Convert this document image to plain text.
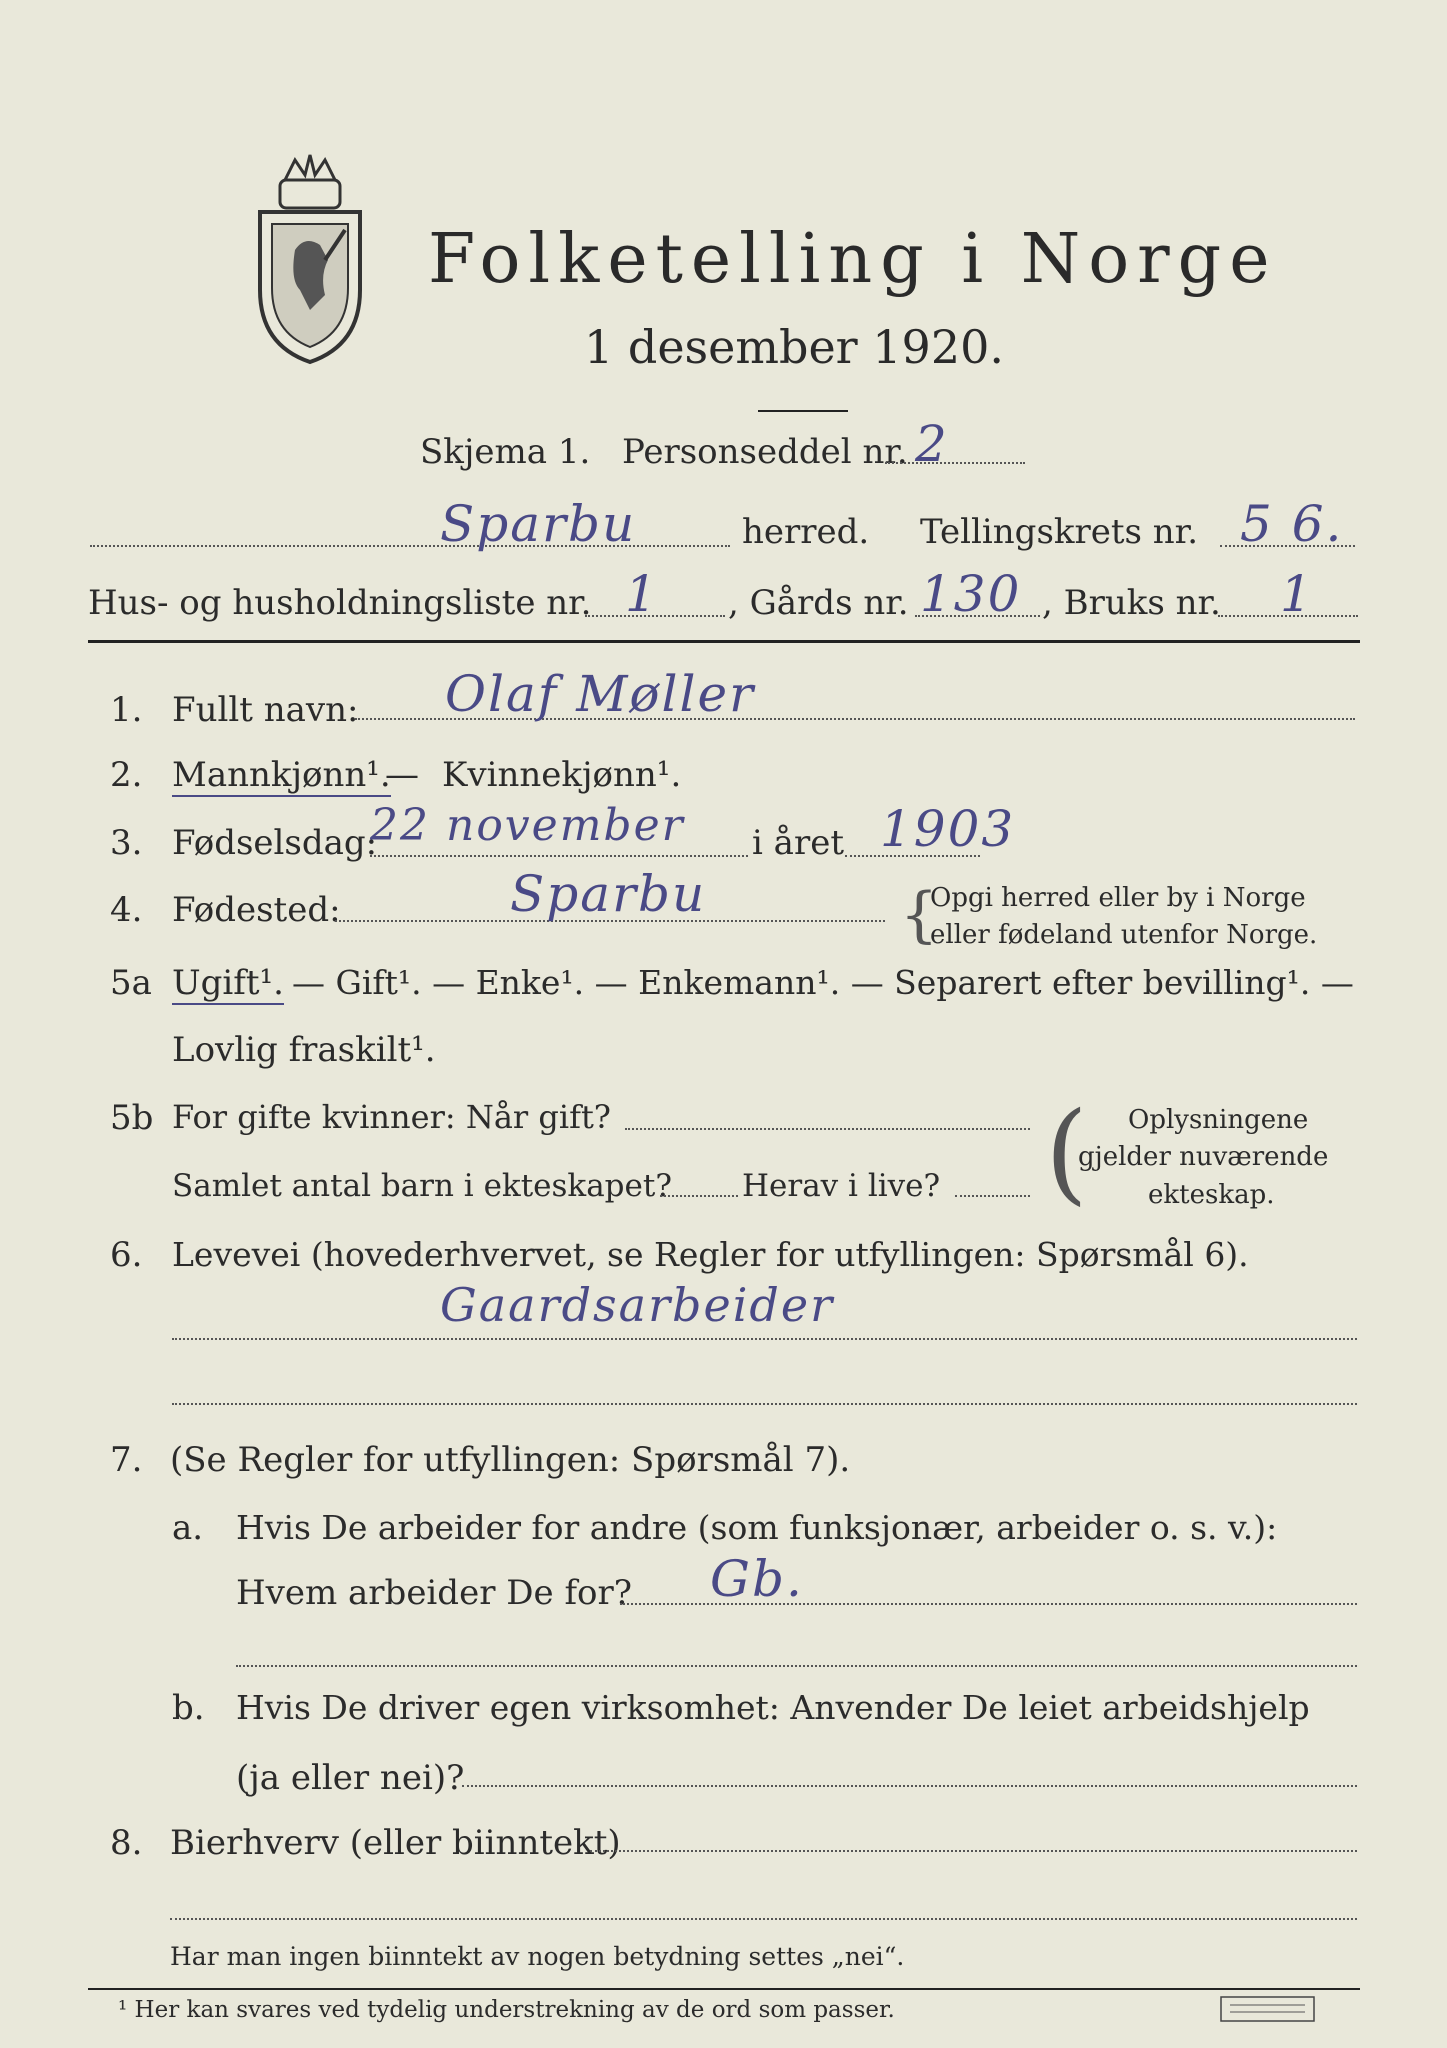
Folketelling i Norge
1 desember 1920.
Skjema 1. Personseddel nr. 2
Sparbu	herred. Tellingskrets nr. 5 6.
Hus- og husholdningsliste nr. 1 , Gårds nr. 130 , Bruks nr. 1
1. Fullt navn: Olaf Møller
2. Mannkjønn¹.
— Kvinnekjønn¹.
3. Fødselsdag:
22 november i året 1903
4. Fødested:	Sparbu	{
Opgi herred eller by i Norge
eller fødeland utenfor Norge.
5a Ugift¹. — Gift¹. — Enke¹. — Enkemann¹. — Separert efter bevilling¹. —
Lovlig fraskilt¹.
5b For gifte kvinner: Når gift?
Samlet antal barn i ekteskapet? Herav i live? ( Oplysningene
gjelder nuværende
ekteskap.
6. Levevei (hovederhvervet, se Regler for utfyllingen: Spørsmål 6).
Gaardsarbeider
7. (Se Regler for utfyllingen: Spørsmål 7).
a. Hvis De arbeider for andre (som funksjonær, arbeider o. s. v.):
Hvem arbeider De for? Gb.
b. Hvis De driver egen virksomhet: Anvender De leiet arbeidshjelp
(ja eller nei)?
8. Bierhverv (eller biinntekt)
Har man ingen biinntekt av nogen betydning settes „nei“.
¹ Her kan svares ved tydelig understrekning av de ord som passer.
